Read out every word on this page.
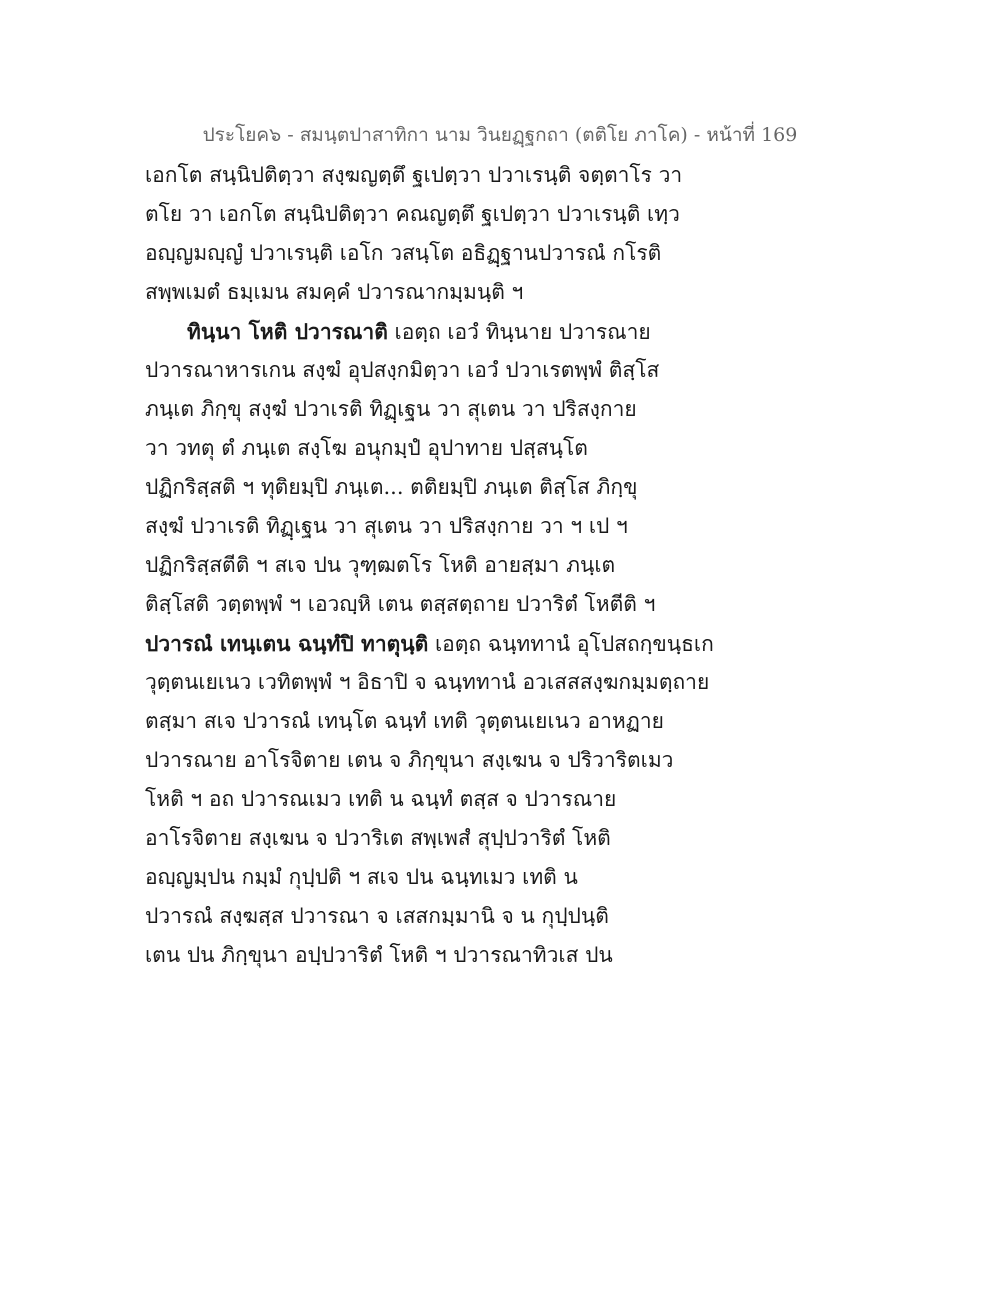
ประโยค๖ - สมนฺตปาสาทิกา นาม วินยฏฺฐกถา (ตติโย ภาโค) - หน้าที่ 169
เอกโต สนฺนิปติตฺวา สงฺฆญตฺตึ ฐเปตฺวา ปวาเรนฺติ จตฺตาโร วา
ตโย วา เอกโต สนฺนิปติตฺวา คณญตฺตึ ฐเปตฺวา ปวาเรนฺติ เทฺว
อญฺญมญฺญํ ปวาเรนฺติ เอโก วสนฺโต อธิฏฺฐานปวารณํ กโรติ
สพฺพเมตํ ธมฺเมน สมคฺคํ ปวารณากมฺมนฺติ ฯ
ทินฺนา โหติ ปวารณาติ เอตฺถ เอวํ ทินฺนาย ปวารณาย
ปวารณาหารเกน สงฺฆํ อุปสงฺกมิตฺวา เอวํ ปวาเรตพฺพํ ติสฺโส
ภนฺเต ภิกฺขุ สงฺฆํ ปวาเรติ ทิฏฺเฐน วา สุเตน วา ปริสงฺกาย
วา วทตุ ตํ ภนฺเต สงฺโฆ อนุกมฺปํ อุปาทาย ปสฺสนฺโต
ปฏิกริสฺสติ ฯ ทุติยมฺปิ ภนฺเต... ตติยมฺปิ ภนฺเต ติสฺโส ภิกฺขุ
สงฺฆํ ปวาเรติ ทิฏฺเฐน วา สุเตน วา ปริสงฺกาย วา ฯ เป ฯ
ปฏิกริสฺสตีติ ฯ สเจ ปน วุฑฺฒตโร โหติ อายสฺมา ภนฺเต
ติสฺโสติ วตฺตพฺพํ ฯ เอวญฺหิ เตน ตสฺสตฺถาย ปวาริตํ โหตีติ ฯ
ปวารณํ เทนฺเตน ฉนฺทํปิ ทาตุนฺติ เอตฺถ ฉนฺททานํ อุโปสถกฺขนฺธเก
วุตฺตนเยเนว เวทิตพฺพํ ฯ อิธาปิ จ ฉนฺททานํ อวเสสสงฺฆกมฺมตฺถาย
ตสฺมา สเจ ปวารณํ เทนฺโต ฉนฺทํ เทติ วุตฺตนเยเนว อาหฏาย
ปวารณาย อาโรจิตาย เตน จ ภิกฺขุนา สงฺเฆน จ ปริวาริตเมว
โหติ ฯ อถ ปวารณเมว เทติ น ฉนฺทํ ตสฺส จ ปวารณาย
อาโรจิตาย สงฺเฆน จ ปวาริเต สพฺเพสํ สุปฺปวาริตํ โหติ
อญฺญมฺปน กมฺมํ กุปฺปติ ฯ สเจ ปน ฉนฺทเมว เทติ น
ปวารณํ สงฺฆสฺส ปวารณา จ เสสกมฺมานิ จ น กุปฺปนฺติ
เตน ปน ภิกฺขุนา อปฺปวาริตํ โหติ ฯ ปวารณาทิวเส ปน
